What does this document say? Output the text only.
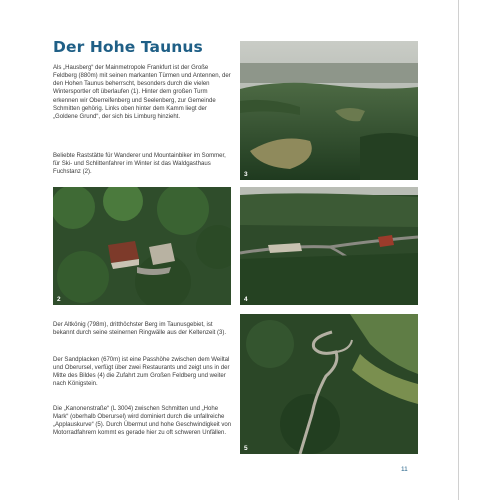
Der Hohe Taunus

Als „Hausberg“ der Mainmetropole Frankfurt ist der Große Feldberg (880m) mit seinen markanten Türmen und Antennen, der den Hohen Taunus beherrscht, besonders durch die vielen Wintersportler oft überlaufen (1). Hinter dem großen Turm erkennen wir Oberreifenberg und Seelenberg, zur Gemeinde Schmitten gehörig. Links oben hinter dem Kamm liegt der „Goldene Grund“, der sich bis Limburg hinzieht.

Beliebte Raststätte für Wanderer und Mountainbiker im Sommer, für Ski- und Schlittenfahrer im Winter ist das Waldgasthaus Fuchstanz (2).

Der Altkönig (798m), dritthöchster Berg im Taunusgebiet, ist bekannt durch seine steinernen Ringwälle aus der Keltenzeit (3).

Der Sandplacken (670m) ist eine Passhöhe zwischen dem Weiltal und Oberursel, verfügt über zwei Restaurants und zeigt uns in der Mitte des Bildes (4) die Zufahrt zum Großen Feldberg und weiter nach Königstein.

Die „Kanonenstraße“ (L 3004) zwischen Schmitten und „Hohe Mark“ (oberhalb Oberursel) wird dominiert durch die unfallreiche „Applauskurve“ (5). Durch Übermut und hohe Geschwindigkeit von Motorradfahrern kommt es gerade hier zu oft schweren Unfällen.

3
2	4
5
11
